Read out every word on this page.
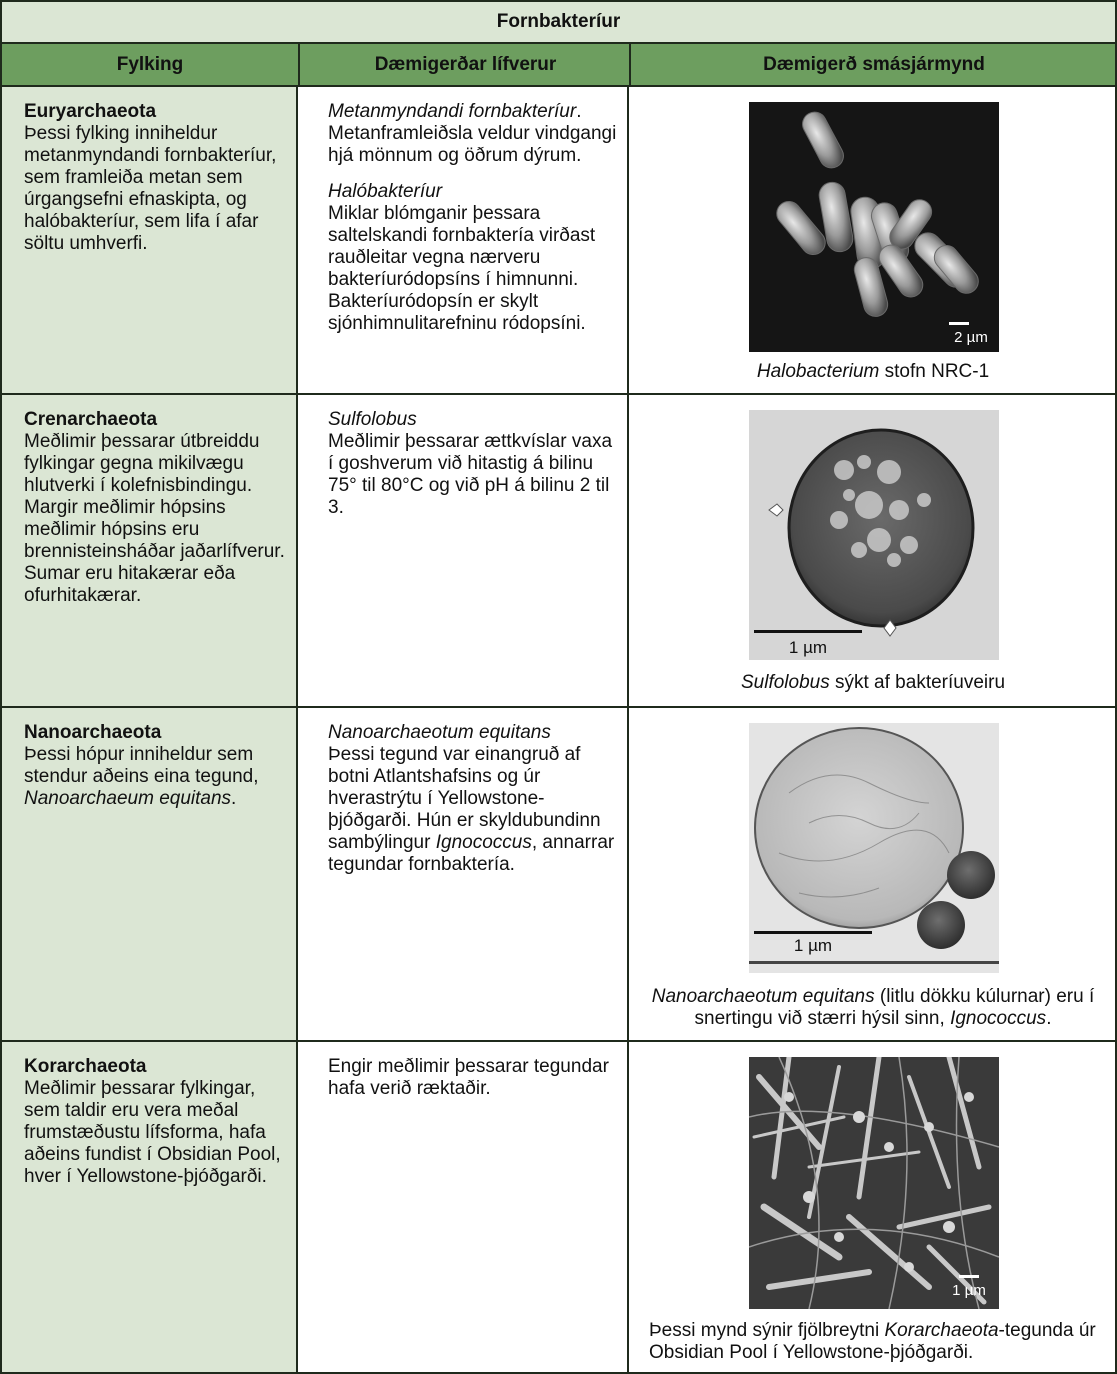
Fornbakteríur
Fylking	Dæmigerðar lífverur	Dæmigerð smásjármynd
Euryarchaeota
Þessi fylking inniheldur metanmyndandi fornbakteríur, sem framleiða metan sem úrgangsefni efnaskipta, og halóbakteríur, sem lifa í afar söltu umhverfi.
Metanmyndandi fornbakteríur.
Metanframleiðsla veldur vindgangi hjá mönnum og öðrum dýrum.
Halóbakteríur
Miklar blómganir þessara saltelskandi fornbaktería virðast rauðleitar vegna nærveru bakteríuródopsíns í himnunni. Bakteríuródopsín er skylt sjónhimnulitarefninu ródopsíni.
2 µm
Halobacterium stofn NRC-1
Crenarchaeota
Meðlimir þessarar útbreiddu fylkingar gegna mikilvægu hlutverki í kolefnisbindingu. Margir meðlimir hópsins meðlimir hópsins eru brennisteinsháðar jaðarlífverur. Sumar eru hitakærar eða ofurhitakærar.
Sulfolobus
Meðlimir þessarar ættkvíslar vaxa í goshverum við hitastig á bilinu 75° til 80°C og við pH á bilinu 2 til 3.
1 µm
Sulfolobus sýkt af bakteríuveiru
Nanoarchaeota
Þessi hópur inniheldur sem stendur aðeins eina tegund, Nanoarchaeum equitans.
Nanoarchaeotum equitans
Þessi tegund var einangruð af botni Atlantshafsins og úr hverastrýtu í Yellowstone-þjóðgarði. Hún er skyldubundinn sambýlingur Ignococcus, annarrar tegundar fornbaktería.
1 µm
Nanoarchaeotum equitans (litlu dökku kúlurnar) eru í snertingu við stærri hýsil sinn, Ignococcus.
Korarchaeota
Meðlimir þessarar fylkingar, sem taldir eru vera meðal frumstæðustu lífsforma, hafa aðeins fundist í Obsidian Pool, hver í Yellowstone-þjóðgarði.
Engir meðlimir þessarar tegundar hafa verið ræktaðir.
1 µm
Þessi mynd sýnir fjölbreytni Korarchaeota-tegunda úr Obsidian Pool í Yellowstone-þjóðgarði.
